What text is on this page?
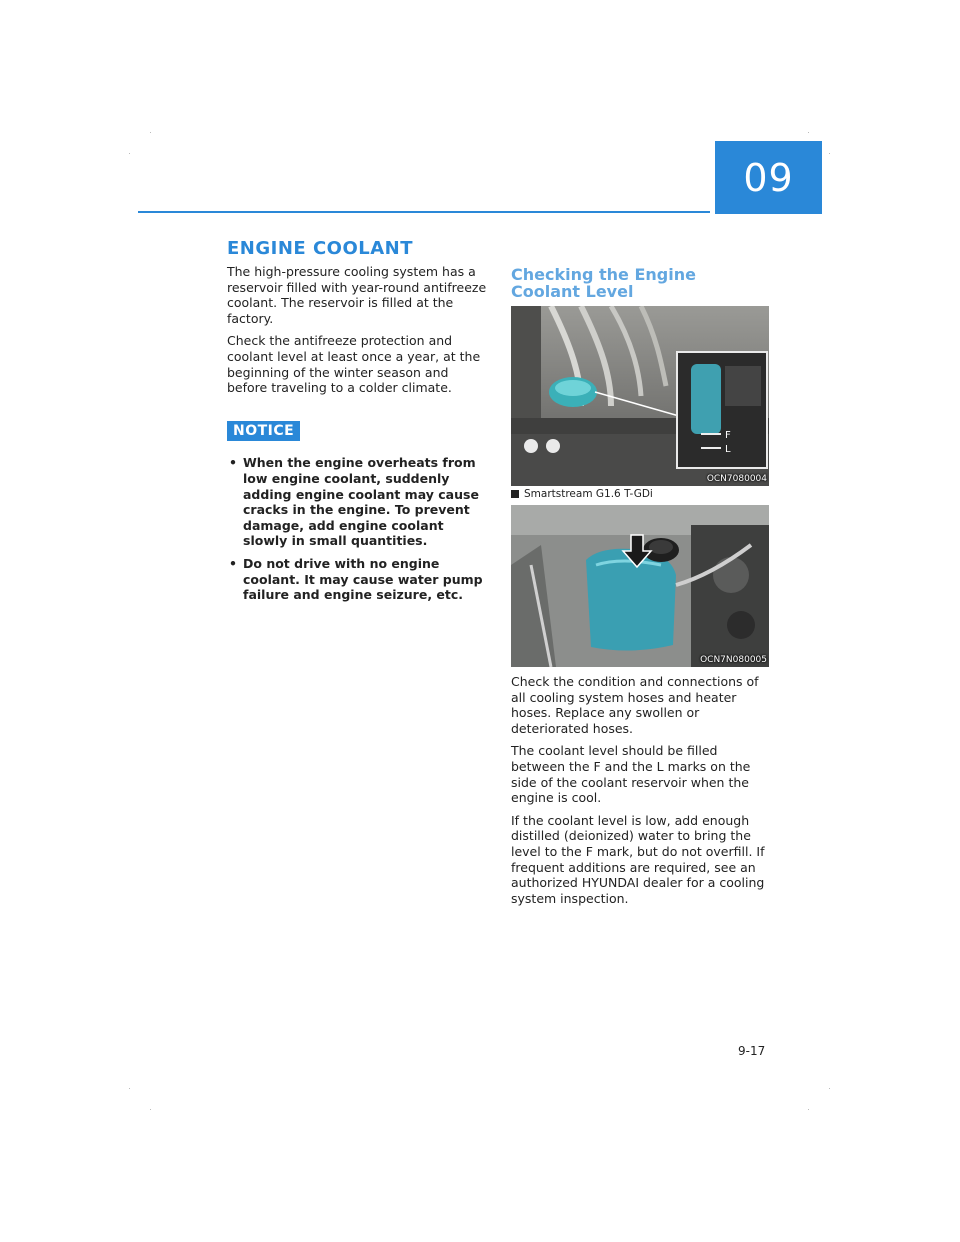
09
ENGINE COOLANT

The high-pressure cooling system has a reservoir filled with year-round antifreeze coolant. The reservoir is filled at the factory.

Check the antifreeze protection and coolant level at least once a year, at the beginning of the winter season and before traveling to a colder climate.

NOTICE
• When the engine overheats from low engine coolant, suddenly adding engine coolant may cause cracks in the engine. To prevent damage, add engine coolant slowly in small quantities.
• Do not drive with no engine coolant. It may cause water pump failure and engine seizure, etc.
Checking the Engine Coolant Level
F
L
OCN7080004
Smartstream G1.6 T-GDi
OCN7N080005

Check the condition and connections of all cooling system hoses and heater hoses. Replace any swollen or deteriorated hoses.

The coolant level should be filled between the F and the L marks on the side of the coolant reservoir when the engine is cool.

If the coolant level is low, add enough distilled (deionized) water to bring the level to the F mark, but do not overfill. If frequent additions are required, see an authorized HYUNDAI dealer for a cooling system inspection.

9-17
